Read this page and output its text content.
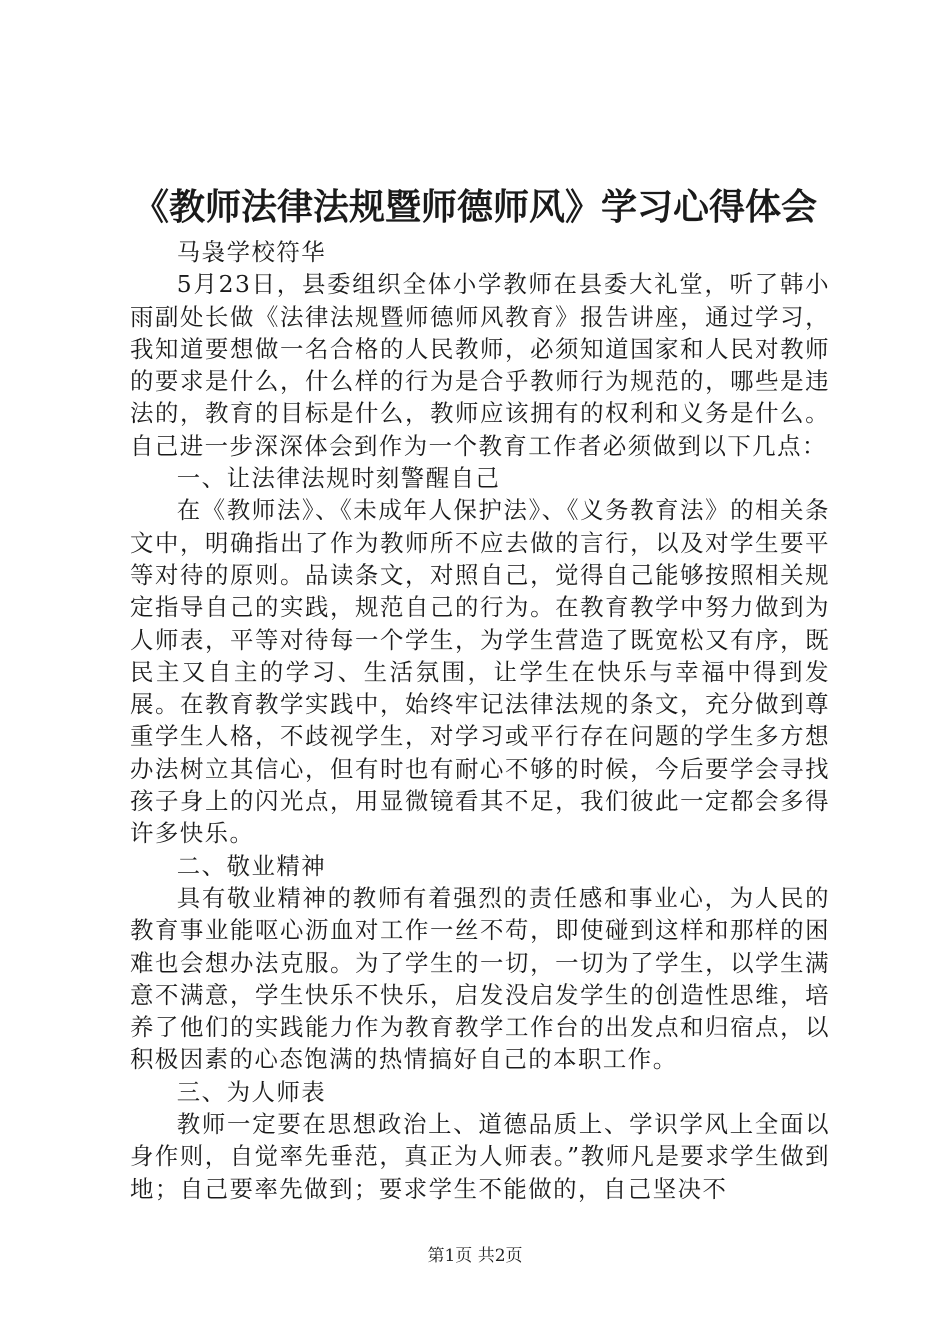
《教师法律法规暨师德师风》学习心得体会

马袅学校符华

5月23日，县委组织全体小学教师在县委大礼堂，听了韩小雨副处长做《法律法规暨师德师风教育》报告讲座，通过学习，我知道要想做一名合格的人民教师，必须知道国家和人民对教师的要求是什么，什么样的行为是合乎教师行为规范的，哪些是违法的，教育的目标是什么，教师应该拥有的权利和义务是什么。自己进一步深深体会到作为一个教育工作者必须做到以下几点：

一、让法律法规时刻警醒自己

在《教师法》、《未成年人保护法》、《义务教育法》的相关条文中，明确指出了作为教师所不应去做的言行，以及对学生要平等对待的原则。品读条文，对照自己，觉得自己能够按照相关规定指导自己的实践，规范自己的行为。在教育教学中努力做到为人师表，平等对待每一个学生，为学生营造了既宽松又有序，既民主又自主的学习、生活氛围，让学生在快乐与幸福中得到发展。在教育教学实践中，始终牢记法律法规的条文，充分做到尊重学生人格，不歧视学生，对学习或平行存在问题的学生多方想办法树立其信心，但有时也有耐心不够的时候，今后要学会寻找孩子身上的闪光点，用显微镜看其不足，我们彼此一定都会多得许多快乐。

二、敬业精神

具有敬业精神的教师有着强烈的责任感和事业心，为人民的教育事业能呕心沥血对工作一丝不苟，即使碰到这样和那样的困难也会想办法克服。为了学生的一切，一切为了学生，以学生满意不满意，学生快乐不快乐，启发没启发学生的创造性思维，培养了他们的实践能力作为教育教学工作台的出发点和归宿点，以积极因素的心态饱满的热情搞好自己的本职工作。

三、为人师表

教师一定要在思想政治上、道德品质上、学识学风上全面以身作则，自觉率先垂范，真正为人师表。”教师凡是要求学生做到地；自己要率先做到；要求学生不能做的，自己坚决不

第1页 共2页
